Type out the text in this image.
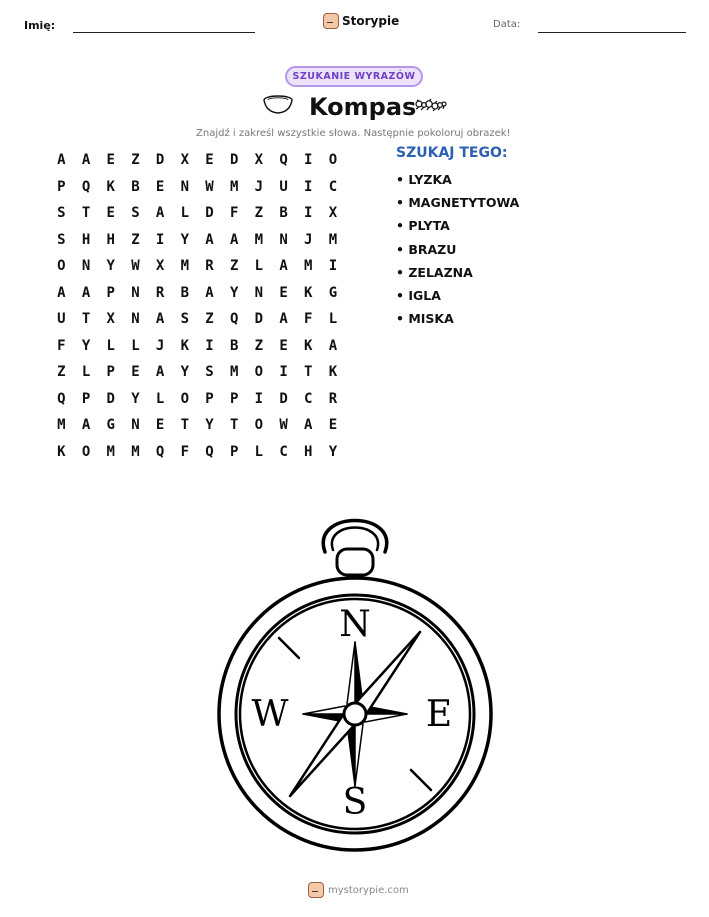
Imię:	Storypie	Data:
SZUKANIE WYRAZÓW
Kompas
Znajdź i zakreśl wszystkie słowa. Następnie pokoloruj obrazek!
A	A	E	Z	D	X	E	D	X	Q	I	O
P	Q	K	B	E	N	W	M	J	U	I	C
S	T	E	S	A	L	D	F	Z	B	I	X
S	H	H	Z	I	Y	A	A	M	N	J	M
O	N	Y	W	X	M	R	Z	L	A	M	I
A	A	P	N	R	B	A	Y	N	E	K	G
U	T	X	N	A	S	Z	Q	D	A	F	L
F	Y	L	L	J	K	I	B	Z	E	K	A
Z	L	P	E	A	Y	S	M	O	I	T	K
Q	P	D	Y	L	O	P	P	I	D	C	R
M	A	G	N	E	T	Y	T	O	W	A	E
K	O	M	M	Q	F	Q	P	L	C	H	Y
SZUKAJ TEGO:
• LYZKA
• MAGNETYTOWA
• PLYTA
• BRAZU
• ZELAZNA
• IGLA
• MISKA
N
E
S
W
mystorypie.com
